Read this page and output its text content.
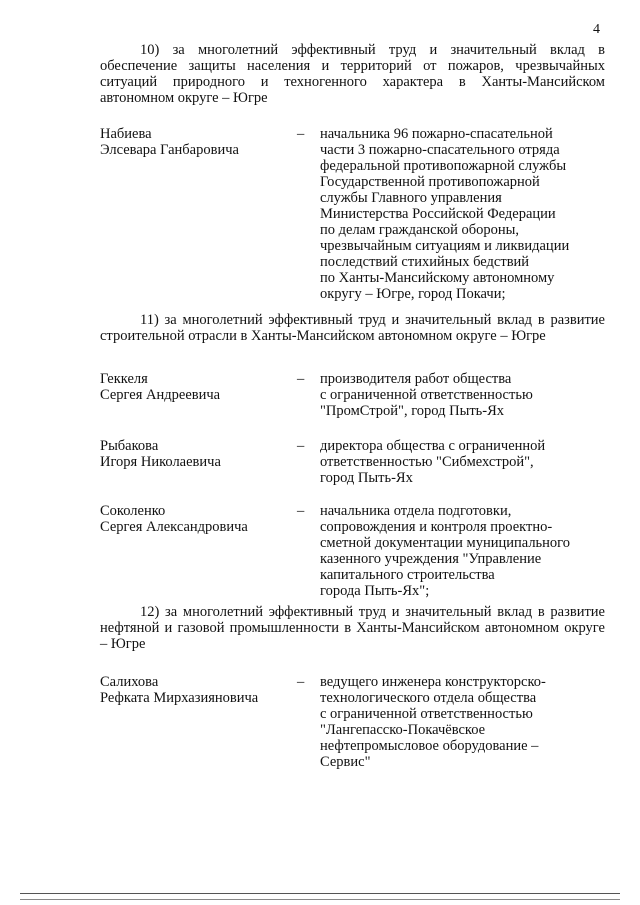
4
10) за многолетний эффективный труд и значительный вклад в обеспечение защиты населения и территорий от пожаров, чрезвычайных ситуаций природного и техногенного характера в Ханты-Мансийском автономном округе – Югре
Набиева
Элсевара Ганбаровича
–	начальника 96 пожарно-спасательной
части 3 пожарно-спасательного отряда
федеральной противопожарной службы
Государственной противопожарной
службы Главного управления
Министерства Российской Федерации
по делам гражданской обороны,
чрезвычайным ситуациям и ликвидации
последствий стихийных бедствий
по Ханты-Мансийскому автономному
округу – Югре, город Покачи;
11) за многолетний эффективный труд и значительный вклад в развитие строительной отрасли в Ханты-Мансийском автономном округе – Югре
Геккеля
Сергея Андреевича
–	производителя работ общества
с ограниченной ответственностью
"ПромСтрой", город Пыть-Ях
Рыбакова
Игоря Николаевича
–	директора общества с ограниченной
ответственностью "Сибмехстрой",
город Пыть-Ях
Соколенко
Сергея Александровича
–	начальника отдела подготовки,
сопровождения и контроля проектно-
сметной документации муниципального
казенного учреждения "Управление
капитального строительства
города Пыть-Ях";
12) за многолетний эффективный труд и значительный вклад в развитие нефтяной и газовой промышленности в Ханты-Мансийском автономном округе – Югре
Салихова
Рефката Мирхазияновича
–	ведущего инженера конструкторско-
технологического отдела общества
с ограниченной ответственностью
"Лангепасско-Покачёвское
нефтепромысловое оборудование –
Сервис"
